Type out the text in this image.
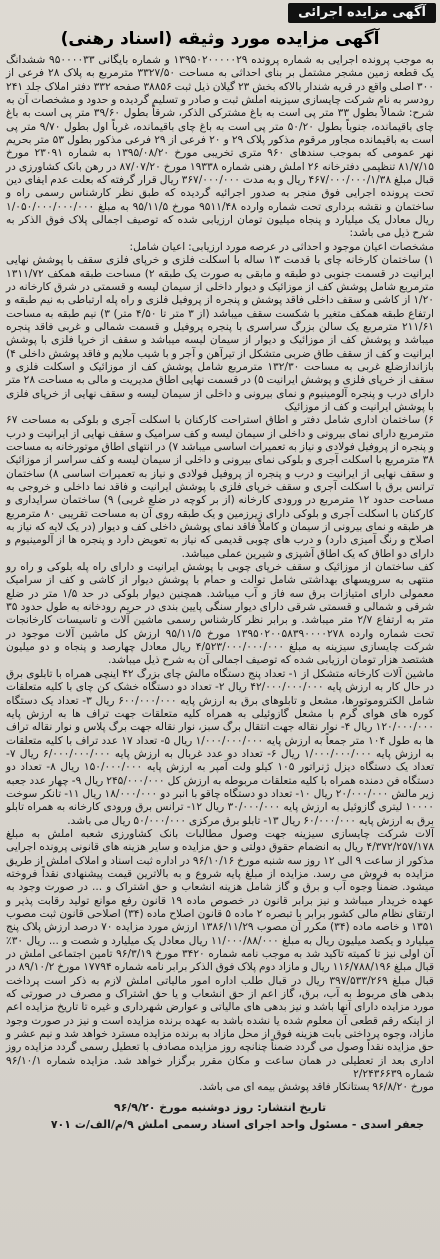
آگهی مزایده اجرائی
آگهی مزایده مورد وثیقه (اسناد رهنی)

به موجب پرونده اجرایی به شماره پرونده ۱۳۹۵۰۲۰۰۰۰۰۲۹ و شماره بایگانی ۹۵۰۰۰۰۳۳ ششدانگ یک قطعه زمین مشجر مشتمل بر بنای احداثی به مساحت ۳۳۲۷/۵۰ مترمربع به پلاک ۲۸ فرعی از ۳۰۰ اصلی واقع در قریه شندار بالاکه بخش ۲۳ گیلان ذیل ثبت ۳۸۸۵۶ صفحه ۳۳۲ دفتر املاک جلد ۲۴۱ رودسر به نام شرکت چایسازی سیزینه املش ثبت و صادر و تسلیم گردیده و حدود و مشخصات آن به شرح: شمالاً بطول ۳۳ متر پی است به باغ مشترکی الذکر، شرقاً بطول ۳۹/۶۰ متر پی است به باغ چای باقیمانده، جنوباً بطول ۵۰/۲۰ متر پی است به باغ چای باقیمانده، غرباً اول بطول ۹/۷۰ متر پی است به باقیمانده مجاور مرقوم مذکور پلاک ۲۹ و ۲۰ فرعی از ۲۹ فرعی مذکور بطول ۵۳ متر بحریم نهر عمومی که بموجب سندهای ۹۶۰ متری تخریبی مورخ ۱۳۹۵/۰۸/۲۰ به شماره ۲۳۰۹۱ مورخ ۸۱/۷/۱۵ تنظیمی دفترخانه ۲۶ املش رهنی شماره ۱۹۳۳۸ مورخ ۸۷/۰۷/۲۰ در رهن بانک کشاورزی در قبال مبلغ ۴۶۷/۰۰۰/۰۰۰/۱/۳۸ ریال و به مدت ۳۶۷/۰۰۰/۰۰۰ ریال قرار گرفته که بعلت عدم ایفای دین تحت پرونده اجرایی فوق منجر به صدور اجرائیه گردیده که طبق نظر کارشناس رسمی راه و ساختمان و نقشه برداری تحت شماره وارده ۹۵۱۱/۴۸ مورخ ۹۵/۱۱/۵ به مبلغ ۱/۰۵۰/۰۰۰/۰۰۰/۰۰۰ ریال معادل یک میلیارد و پنجاه میلیون تومان ارزیابی شده که توصیف اجمالی پلاک فوق الذکر به شرح ذیل می باشد:

مشخصات اعیان موجود و احداثی در عرصه مورد ارزیابی: اعیان شامل:

۱) ساختمان کارخانه چای با قدمت ۱۳ ساله با اسکلت فلزی و خرپای فلزی سقف با پوشش نهایی ایرانیت در قسمت جنوبی دو طبقه و مابقی به صورت یک طبقه ۲) مساحت طبقه همکف ۱۳۱۱/۷۲ مترمربع شامل پوشش کف از موزائیک و دیوار داخلی از سیمان لیسه و قسمتی در شرق کارخانه در ۱/۲۰ از کاشی و سقف داخلی فاقد پوشش و پنجره از پروفیل فلزی و راه پله ارتباطی به نیم طبقه و ارتفاع طبقه همکف متغیر با شکست سقف میباشد (از ۳ متر تا ۴/۵۰ متر) ۳) نیم طبقه به مساحت ۲۱۱/۶۱ مترمربع یک سالن بزرگ سراسری با پنجره پروفیل و قسمت شمالی و غربی فاقد پنجره میباشد و پوشش کف از موزائیک و دیوار از سیمان لیسه میباشد و سقف از خرپا فلزی با پوشش ایرانیت و کف از سقف طاق ضربی متشکل از تیرآهن و آجر و با شیب ملایم و فاقد پوشش داخلی ۴) بازاندازضلع غربی به مساحت ۱۳۲/۳۰ مترمربع شامل پوشش کف از موزائیک و اسکلت فلزی و سقف از خرپای فلزی و پوشش ایرانیت ۵) در قسمت نهایی اطاق مدیریت و مالی به مساحت ۲۸ متر دارای درب و پنجره آلومینیوم و نمای بیرونی و داخلی از سیمان لیسه و سقف نهایی از خرپای فلزی با پوشش ایرانیت و کف از موزائیک

۶) ساختمان اداری شامل دفتر و اطاق استراحت کارکنان با اسکلت آجری و بلوکی به مساحت ۶۷ مترمربع دارای نمای بیرونی و داخلی از سیمان لیسه و کف سرامیک و سقف نهایی از ایرانیت و درب و پنجره از پروفیل فولادی و نیاز به تعمیرات اساسی میباشد ۷) در انتهای اطاق موتورخانه به مساحت ۳۸ مترمربع با اسکلت آجری و بلوکی نمای بیرونی و داخلی از سیمان لیسه و کف سراسر از موزائیک و سقف نهایی از ایرانیت و درب و پنجره از پروفیل فولادی و نیاز به تعمیرات اساسی ۸) ساختمان ترانس برق با اسکلت آجری و سقف خرپای فلزی با پوشش ایرانیت و فاقد نما داخلی و خروجی به مساحت حدود ۱۲ مترمربع در ورودی کارخانه (از بر کوچه در ضلع غربی) ۹) ساختمان سرایداری و کارکنان با اسکلت آجری و بلوکی دارای زیرزمین و یک طبقه روی آن به مساحت تقریبی ۸۰ مترمربع هر طبقه و نمای بیرونی از سیمان و کاملاً فاقد نمای پوشش داخلی کف و دیوار (در یک لایه که نیاز به اصلاح و رنگ آمیزی دارد) و درب های چوبی قدیمی که نیاز به تعویض دارد و پنجره ها از آلومینیوم و دارای دو اطاق که یک اطاق آشپزی و شیرین عملی میباشد.

کف ساختمان از موزائیک و سقف خرپای چوبی با پوشش ایرانیت و دارای راه پله بلوکی و راه رو منتهی به سرویسهای بهداشتی شامل توالت و حمام با پوشش دیوار از کاشی و کف از سرامیک معمولی دارای امتیازات برق سه فاز و آب میباشد. همچنین دیوار بلوکی در حد ۱/۵ متر در ضلع شرقی و شمالی و قسمتی شرقی دارای دیوار سنگی پایین بندی در حریم رودخانه به طول حدود ۳۵ متر به ارتفاع ۲/۷ متر میباشد. و برابر نظر کارشناس رسمی ماشین آلات و تاسیسات کارخانجات تحت شماره وارده ۱۳۹۵۰۲۰۰۵۸۳۹۰۰۰۰۲۷۸ مورخ ۹۵/۱۱/۵ ارزش کل ماشین آلات موجود در شرکت چایسازی سیزینه به مبلغ ۴/۵۲۳/۰۰۰/۰۰۰/۰۰۰ ریال معادل چهارصد و پنجاه و دو میلیون هشتصد هزار تومان ارزیابی شده که توصیف اجمالی آن به شرح ذیل میباشد.

ماشین آلات کارخانه متشکل از ۱- تعداد پنج دستگاه مالش چای بزرگ ۴۲ اینچی همراه با تابلوی برق در حال کار به ارزش پایه ۴۲/۰۰۰/۰۰۰/۰۰۰ ریال ۲- تعداد دو دستگاه خشک کن چای با کلیه متعلقات شامل الکتروموتورها، مشعل و تابلوهای برق به ارزش پایه ۶۰۰/۰۰۰/۰۰۰ ریال ۳- تعداد یک دستگاه کوره های هوای گرم با مشعل گازوئیلی به همراه کلیه متعلقات جهت تراف ها به ارزش پایه ۱۲۰/۰۰۰/۰۰۰ ریال ۴- نوار نقاله جهت انتقال برگ سبز، نوار نقاله جهت برگ پلاس و نوار نقاله تراف ها به طول ۱۰۴ متر جمعاً به ارزش پایه ۱/۰۰۰/۰۰۰/۰۰۰ ریال ۵- تعداد ۱۷ عدد تراف با کلیه متعلقات به ارزش پایه ۱/۰۰۰/۰۰۰/۰۰۰ ریال ۶- تعداد دو عدد غربال به ارزش پایه ۶/۰۰۰/۰۰۰/۰۰۰ ریال ۷- تعداد یک دستگاه دیزل ژنراتور ۱۰۵ کیلو ولت آمپر به ارزش پایه ۱۵۰/۰۰۰/۰۰۰ ریال ۸- تعداد دو دستگاه فن دمنده همراه با کلیه متعلقات مربوطه به ارزش کل ۲۴۵/۰۰۰/۰۰۰ ریال ۹- چهار عدد جعبه زیر مالش ۲۰/۰۰۰/۰۰۰ ریال ۱۰- تعداد دو دستگاه چاقو با انبر دو ۱۸/۰۰۰/۰۰۰ ریال ۱۱- تانکر سوخت ۱۰۰۰۰ لیتری گازوئیل به ارزش پایه ۳۰/۰۰۰/۰۰۰ ریال ۱۲- ترانس برق ورودی کارخانه به همراه تابلو برق به ارزش پایه ۶۰/۰۰۰/۰۰۰ ریال ۱۳- تابلو برق مرکزی ۵۰/۰۰۰/۰۰۰ ریال می باشد.

آلات شرکت چایسازی سیزینه جهت وصول مطالبات بانک کشاورزی شعبه املش به مبلغ ۴/۳۷۲/۲۵۷/۱۷۸ ریال به انضمام حقوق دولتی و حق مزایده و سایر هزینه های قانونی پرونده اجرایی مذکور از ساعت ۹ الی ۱۲ روز سه شنبه مورخ ۹۶/۱۰/۱۶ در اداره ثبت اسناد و املاک املش از طریق مزایده به فروش می رسد. مزایده از مبلغ پایه شروع و به بالاترین قیمت پیشنهادی نقداً فروخته میشود. ضمناً وجوه آب و برق و گاز شامل هزینه انشعاب و حق اشتراک و ... در صورت وجود به عهده خریدار میباشد و نیز برابر قانون در خصوص ماده ۱۹ قانون رفع موانع تولید رقابت پذیر و ارتقای نظام مالی کشور برابر با تبصره ۲ ماده ۵ قانون اصلاح ماده (۳۴) اصلاحی قانون ثبت مصوب ۱۳۵۱ و خاصه ماده (۳۴) مکرر آن مصوب ۱۳۸۶/۱۱/۲۹ ارزش مورد مزایده ۷۰ درصد ارزش پلاک پنج میلیارد و یکصد میلیون ریال به مبلغ ۱۱/۰۰۰/۸۸/۰۰۰ ریال معادل یک میلیارد و شصت و ... ریال ۳۰٪ آن اولی نیز تا کمیته تاکید شد به موجب نامه شماره ۳۴۲۰ مورخ ۹۶/۳/۱۹ تامین اجتماعی املش در قبال مبلغ ۱۱۶/۷۸۸/۱۹۶ ریال و مازاد دوم پلاک فوق الذکر برابر نامه شماره ۱۷۷۹۴ مورخ ۸۹/۱۰/۲ در قبال مبلغ ۳۹۷/۵۳۳/۲۶۹ ریال در قبال طلب اداره امور مالیاتی املش لازم به ذکر است پرداخت بدهی های مربوط به آب، برق، گاز اعم از حق انشعاب و یا حق اشتراک و مصرف در صورتی که مورد مزایده دارای آنها باشد و نیز بدهی های مالیاتی و عوارض شهرداری و غیره تا تاریخ مزایده اعم از اینکه رقم قطعی آن معلوم شده یا نشده باشد به عهده برنده مزایده است و نیز در صورت وجود مازاد، وجوه پرداختی بابت هزینه فوق از محل مازاد به برنده مزایده مسترد خواهد شد و نیم عشر و حق مزایده نقداً وصول می گردد ضمناً چنانچه روز مزایده مصادف با تعطیل رسمی گردد مزایده روز اداری بعد از تعطیلی در همان ساعت و مکان مقرر برگزار خواهد شد. مزایده شماره ۹۶/۱۰/۱ شماره ۲/۲۴۳۶۶۳۹

مورخ ۹۶/۸/۲۰ بستانکار فاقد پوشش بیمه ای می باشد.

تاریخ انتشار: روز دوشنبه مورخ ۹۶/۹/۲۰
جعفر اسدی - مسئول واحد اجرای اسناد رسمی املش ۹/م/الف/ت ۷۰۱
